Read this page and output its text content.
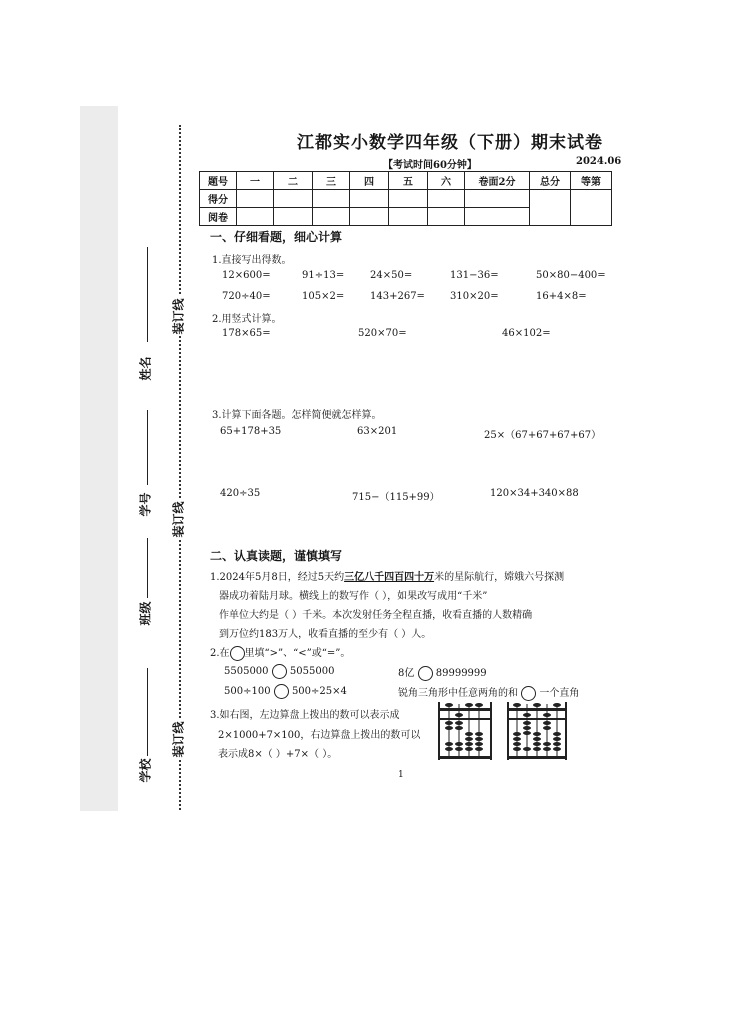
装订线
装订线
装订线
姓名
学号
班级
学校
江都实小数学四年级（下册）期末试卷
【考试时间60分钟】	2024.06
题号	一	二	三	四	五	六	卷面2分	总分	等第
得分									
阅卷									
一、仔细看题，细心计算
1.直接写出得数。
12×600=	91÷13=	24×50=	131−36=	50×80−400=
720÷40=	105×2=	143+267=	310×20=	16+4×8=
2.用竖式计算。
178×65=	520×70=	46×102=
3.计算下面各题。怎样简便就怎样算。
65+178+35	63×201	25×（67+67+67+67）
420÷35	715−（115+99）	120×34+340×88
二、认真读题，谨慎填写
1.2024年5月8日，经过5天约三亿八千四百四十万米的星际航行，嫦娥六号探测
器成功着陆月球。横线上的数写作（ ），如果改写成用“千米”
作单位大约是（ ）千米。本次发射任务全程直播，收看直播的人数精确
到万位约183万人，收看直播的至少有（ ）人。
2.在 里填“>”、“<”或“=”。
5505000 5055000	8亿 89999999
500÷100 500÷25×4	锐角三角形中任意两角的和 一个直角
3.如右图，左边算盘上拨出的数可以表示成
2×1000+7×100，右边算盘上拨出的数可以
表示成8×（ ）+7×（ ）。
1
